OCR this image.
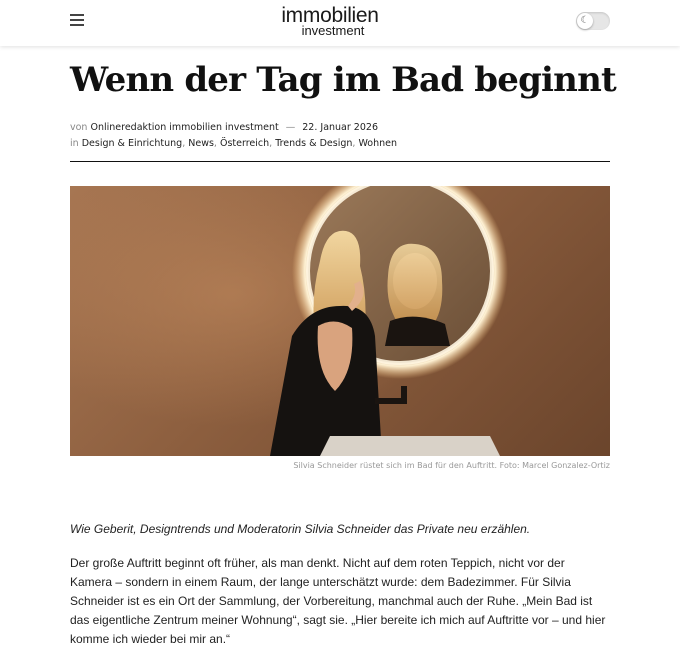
immobilien
investment
☾
Wenn der Tag im Bad beginnt
von Onlineredaktion immobilien investment — 22. Januar 2026
in Design & Einrichtung, News, Österreich, Trends & Design, Wohnen
Silvia Schneider rüstet sich im Bad für den Auftritt. Foto: Marcel Gonzalez-Ortiz

Wie Geberit, Designtrends und Moderatorin Silvia Schneider das Private neu erzählen.

Der große Auftritt beginnt oft früher, als man denkt. Nicht auf dem roten Teppich, nicht vor der Kamera – sondern in einem Raum, der lange unterschätzt wurde: dem Badezimmer. Für Silvia Schneider ist es ein Ort der Sammlung, der Vorbereitung, manchmal auch der Ruhe. „Mein Bad ist das eigentliche Zentrum meiner Wohnung“, sagt sie. „Hier bereite ich mich auf Auftritte vor – und hier komme ich wieder bei mir an.“
